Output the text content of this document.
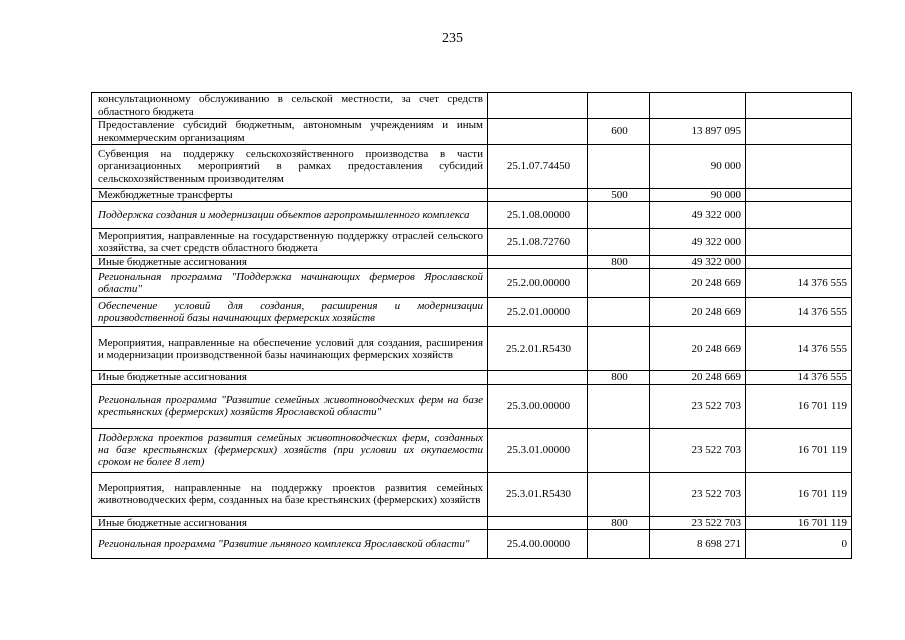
235
консультационному обслуживанию в сельской местности, за счет средств областного бюджета				
Предоставление субсидий бюджетным, автономным учреждениям и иным некоммерческим организациям		600	13 897 095	
Субвенция на поддержку сельскохозяйственного производства в части организационных мероприятий в рамках предоставления субсидий сельскохозяйственным производителям	25.1.07.74450		90 000	
Межбюджетные трансферты		500	90 000	
Поддержка создания и модернизации объектов агропромышленного комплекса	25.1.08.00000		49 322 000	
Мероприятия, направленные на государственную поддержку отраслей сельского хозяйства, за счет средств областного бюджета	25.1.08.72760		49 322 000	
Иные бюджетные ассигнования		800	49 322 000	
Региональная программа "Поддержка начинающих фермеров Ярославской области"	25.2.00.00000		20 248 669	14 376 555
Обеспечение условий для создания, расширения и модернизации производственной базы начинающих фермерских хозяйств	25.2.01.00000		20 248 669	14 376 555
Мероприятия, направленные на обеспечение условий для создания, расширения и модернизации производственной базы начинающих фермерских хозяйств	25.2.01.R5430		20 248 669	14 376 555
Иные бюджетные ассигнования		800	20 248 669	14 376 555
Региональная программа "Развитие семейных животноводческих ферм на базе крестьянских (фермерских) хозяйств Ярославской области"	25.3.00.00000		23 522 703	16 701 119
Поддержка проектов развития семейных животноводческих ферм, созданных на базе крестьянских (фермерских) хозяйств (при условии их окупаемости сроком не более 8 лет)	25.3.01.00000		23 522 703	16 701 119
Мероприятия, направленные на поддержку проектов развития семейных животноводческих ферм, созданных на базе крестьянских (фермерских) хозяйств	25.3.01.R5430		23 522 703	16 701 119
Иные бюджетные ассигнования		800	23 522 703	16 701 119
Региональная программа "Развитие льняного комплекса Ярославской области"	25.4.00.00000		8 698 271	0
